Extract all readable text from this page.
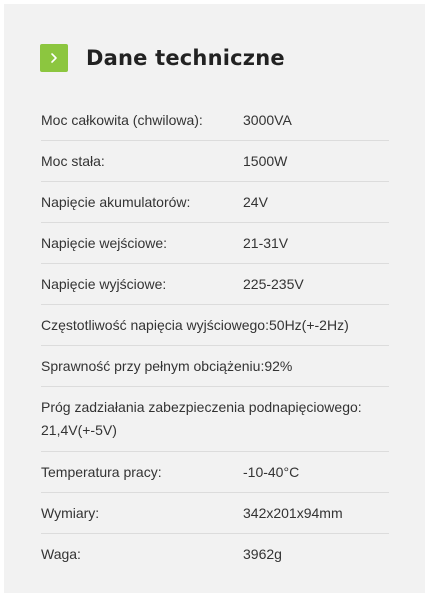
Dane techniczne
Moc całkowita (chwilowa):	3000VA
Moc stała:	1500W
Napięcie akumulatorów:	24V
Napięcie wejściowe:	21-31V
Napięcie wyjściowe:	225-235V
Częstotliwość napięcia wyjściowego: 50Hz(+-2Hz)
Sprawność przy pełnym obciążeniu: 92%
Próg zadziałania zabezpieczenia podnapięciowego:
21,4V(+-5V)
Temperatura pracy:	-10-40°C
Wymiary:	342x201x94mm
Waga:	3962g
